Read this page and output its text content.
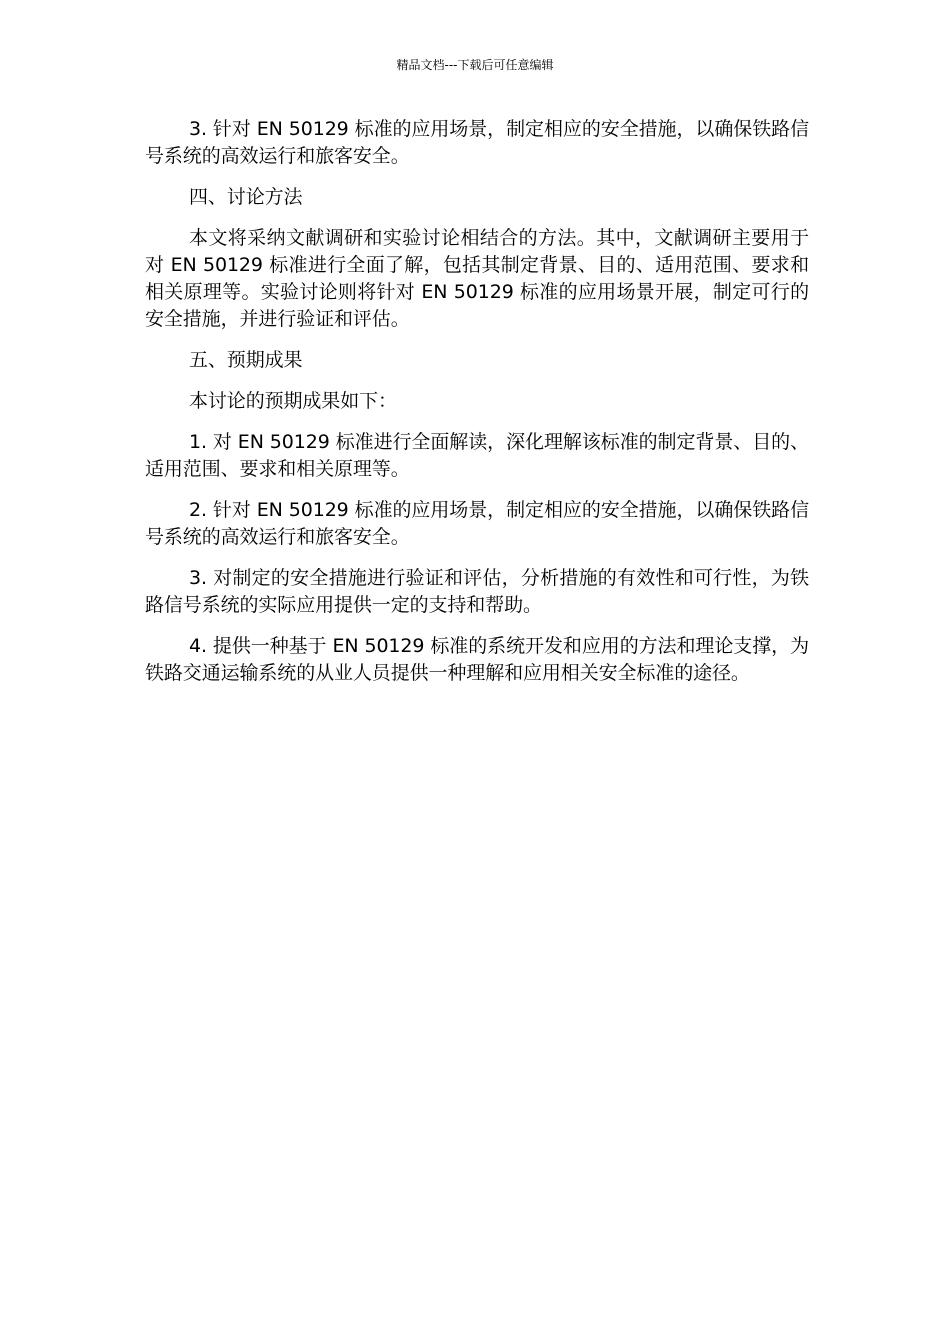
精品文档---下载后可任意编辑

3. 针对 EN 50129 标准的应用场景，制定相应的安全措施，以确保铁路信号系统的高效运行和旅客安全。

四、讨论方法

本文将采纳文献调研和实验讨论相结合的方法。其中，文献调研主要用于对 EN 50129 标准进行全面了解，包括其制定背景、目的、适用范围、要求和相关原理等。实验讨论则将针对 EN 50129 标准的应用场景开展，制定可行的安全措施，并进行验证和评估。

五、预期成果

本讨论的预期成果如下：

1. 对 EN 50129 标准进行全面解读，深化理解该标准的制定背景、目的、适用范围、要求和相关原理等。

2. 针对 EN 50129 标准的应用场景，制定相应的安全措施，以确保铁路信号系统的高效运行和旅客安全。

3. 对制定的安全措施进行验证和评估，分析措施的有效性和可行性，为铁路信号系统的实际应用提供一定的支持和帮助。

4. 提供一种基于 EN 50129 标准的系统开发和应用的方法和理论支撑，为铁路交通运输系统的从业人员提供一种理解和应用相关安全标准的途径。
